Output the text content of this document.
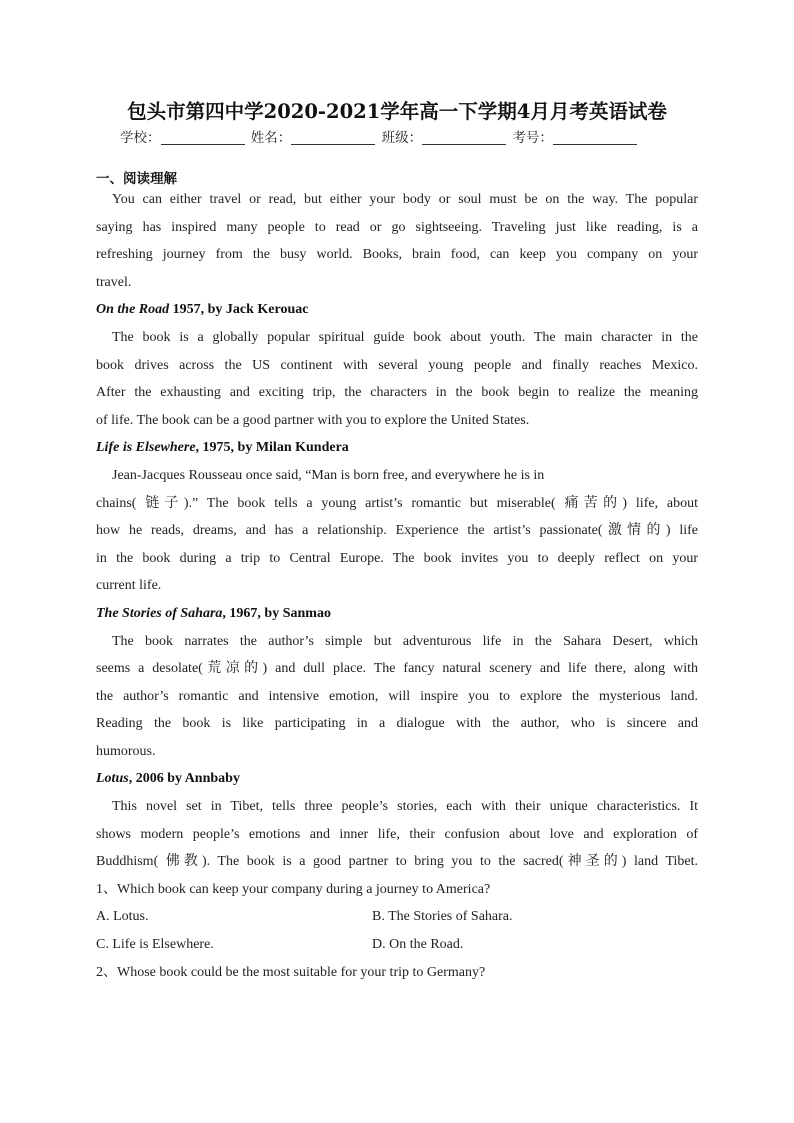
包头市第四中学2020-2021学年高一下学期4月月考英语试卷
学校：	姓名：	班级：	考号：
一、阅读理解
You can either travel or read, but either your body or soul must be on the way. The popular
saying has inspired many people to read or go sightseeing. Traveling just like reading, is a
refreshing journey from the busy world. Books, brain food, can keep you company on your
travel.
On the Road 1957, by Jack Kerouac
The book is a globally popular spiritual guide book about youth. The main character in the
book drives across the US continent with several young people and finally reaches Mexico.
After the exhausting and exciting trip, the characters in the book begin to realize the meaning
of life. The book can be a good partner with you to explore the United States.
Life is Elsewhere, 1975, by Milan Kundera
Jean-Jacques Rousseau once said, “Man is born free, and everywhere he is in
chains( 链子).” The book tells a young artist’s romantic but miserable( 痛苦的) life, about
how he reads, dreams, and has a relationship. Experience the artist’s passionate(激情的) life
in the book during a trip to Central Europe. The book invites you to deeply reflect on your
current life.
The Stories of Sahara, 1967, by Sanmao
The book narrates the author’s simple but adventurous life in the Sahara Desert, which
seems a desolate(荒凉的) and dull place. The fancy natural scenery and life there, along with
the author’s romantic and intensive emotion, will inspire you to explore the mysterious land.
Reading the book is like participating in a dialogue with the author, who is sincere and
humorous.
Lotus, 2006 by Annbaby
This novel set in Tibet, tells three people’s stories, each with their unique characteristics. It
shows modern people’s emotions and inner life, their confusion about love and exploration of
Buddhism( 佛教). The book is a good partner to bring you to the sacred(神圣的) land Tibet.
1、Which book can keep your company during a journey to America?
A. Lotus.	B. The Stories of Sahara.
C. Life is Elsewhere.	D. On the Road.
2、Whose book could be the most suitable for your trip to Germany?
